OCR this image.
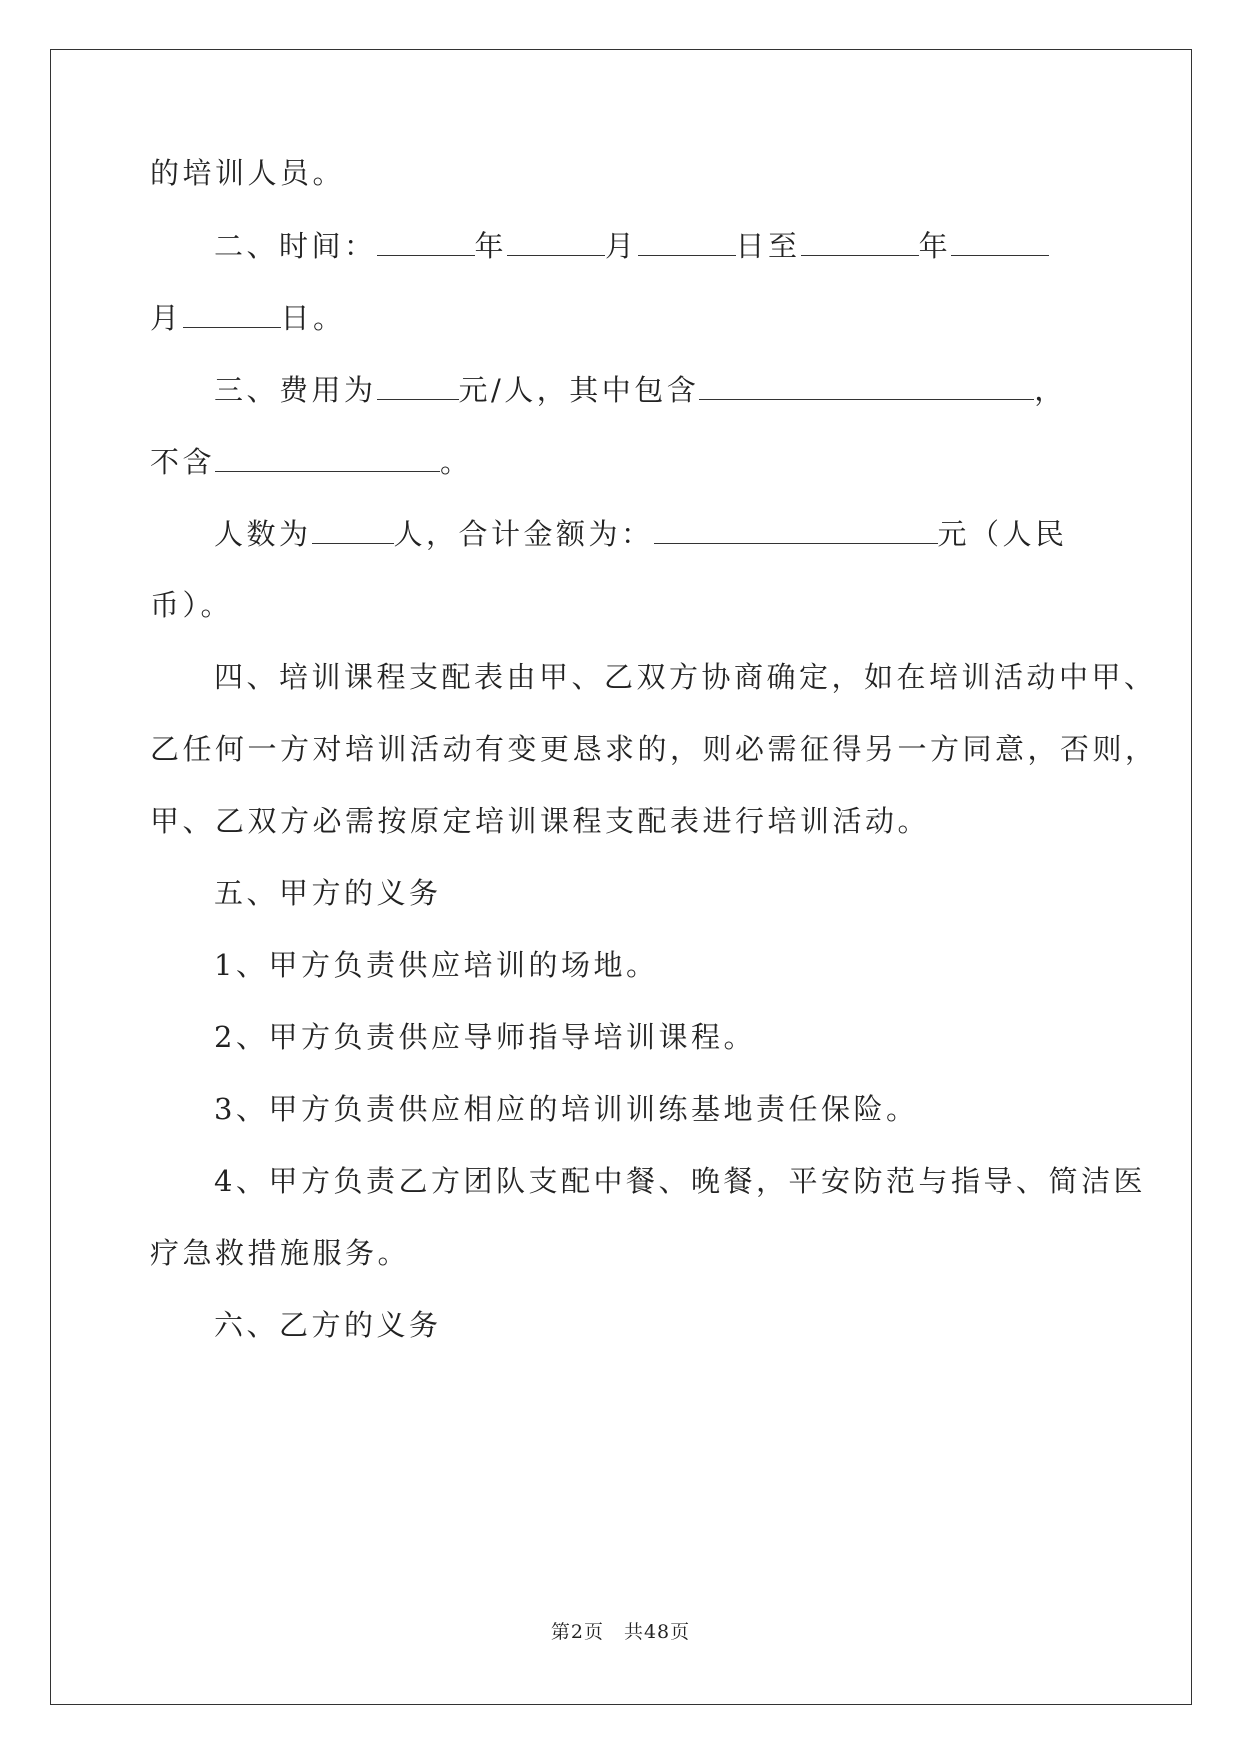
的培训人员。
二、时间：	年	月	日至	年
月	日。
三、费用为	元/人，其中包含	，
不含	。
人数为	人，合计金额为：	元（人民
币）。
四、培训课程支配表由甲、乙双方协商确定，如在培训活动中甲、
乙任何一方对培训活动有变更恳求的，则必需征得另一方同意，否则，
甲、乙双方必需按原定培训课程支配表进行培训活动。
五、甲方的义务
1、甲方负责供应培训的场地。
2、甲方负责供应导师指导培训课程。
3、甲方负责供应相应的培训训练基地责任保险。
4、甲方负责乙方团队支配中餐、晚餐，平安防范与指导、简洁医
疗急救措施服务。
六、乙方的义务
第2页　共48页
